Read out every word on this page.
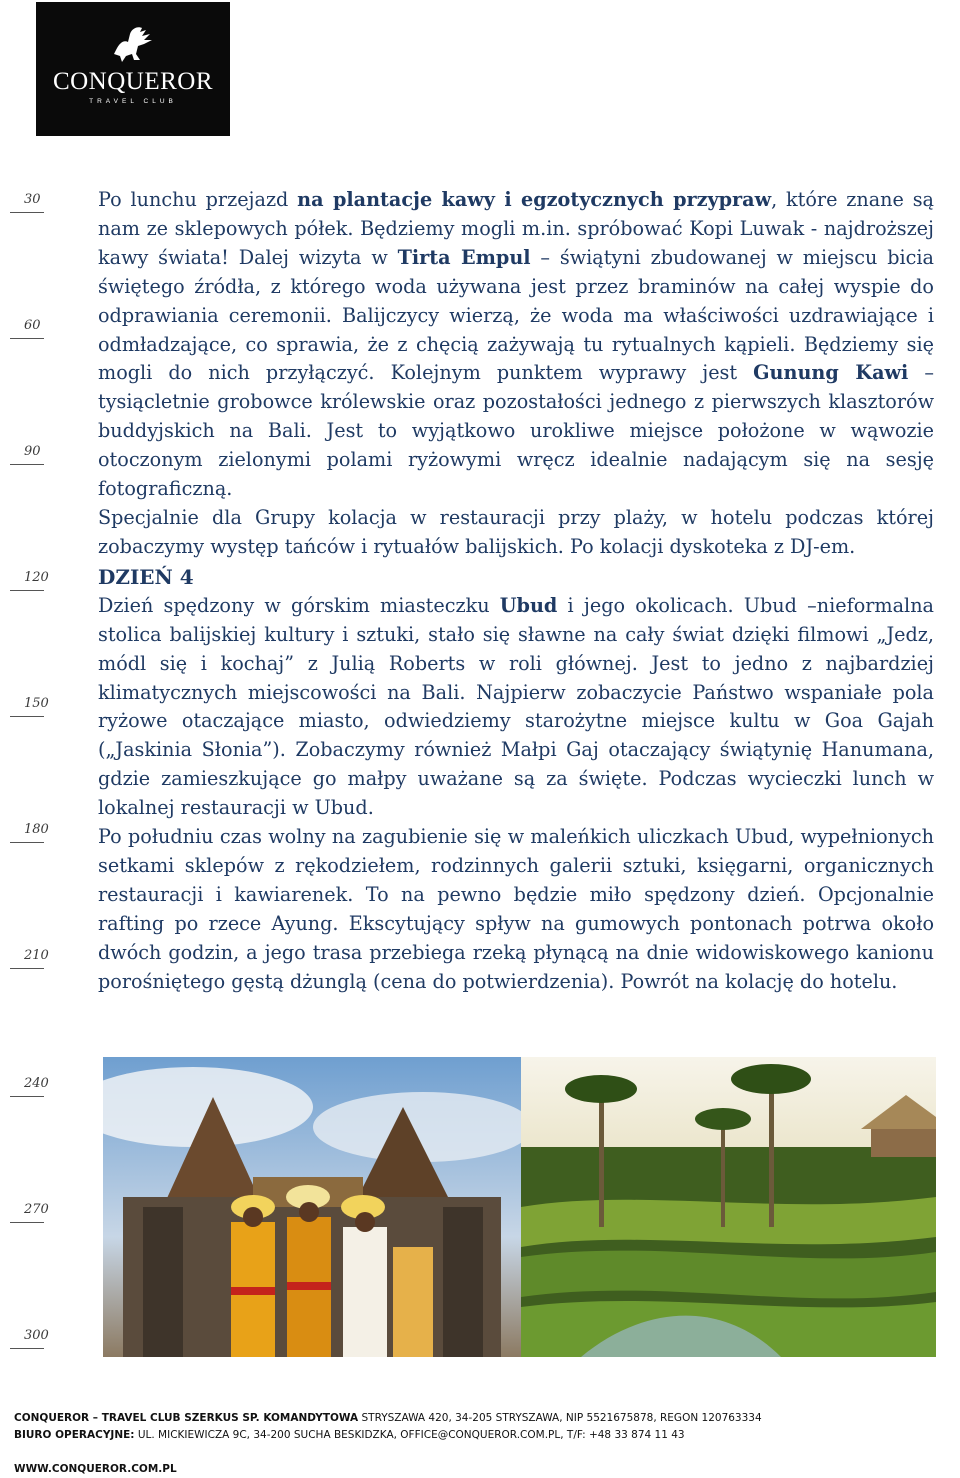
CONQUEROR
TRAVEL CLUB
30
60
90
120
150
180
210
240
270
300

Po lunchu przejazd na plantacje kawy i egzotycznych przypraw, które znane są nam ze sklepowych półek. Będziemy mogli m.in. spróbować Kopi Luwak - najdroższej kawy świata! Dalej wizyta w Tirta Empul – świątyni zbudowanej w miejscu bicia świętego źródła, z którego woda używana jest przez braminów na całej wyspie do odprawiania ceremonii. Balijczycy wierzą, że woda ma właściwości uzdrawiające i odmładzające, co sprawia, że z chęcią zażywają tu rytualnych kąpieli. Będziemy się mogli do nich przyłączyć. Kolejnym punktem wyprawy jest Gunung Kawi – tysiącletnie grobowce królewskie oraz pozostałości jednego z pierwszych klasztorów buddyjskich na Bali. Jest to wyjątkowo urokliwe miejsce położone w wąwozie otoczonym zielonymi polami ryżowymi wręcz idealnie nadającym się na sesję fotograficzną.

Specjalnie dla Grupy kolacja w restauracji przy plaży, w hotelu podczas której zobaczymy występ tańców i rytuałów balijskich. Po kolacji dyskoteka z DJ-em.

DZIEŃ 4

Dzień spędzony w górskim miasteczku Ubud i jego okolicach. Ubud –nieformalna stolica balijskiej kultury i sztuki, stało się sławne na cały świat dzięki filmowi „Jedz, módl się i kochaj” z Julią Roberts w roli głównej. Jest to jedno z najbardziej klimatycznych miejscowości na Bali. Najpierw zobaczycie Państwo wspaniałe pola ryżowe otaczające miasto, odwiedziemy starożytne miejsce kultu w Goa Gajah („Jaskinia Słonia”). Zobaczymy również Małpi Gaj otaczający świątynię Hanumana, gdzie zamieszkujące go małpy uważane są za święte. Podczas wycieczki lunch w lokalnej restauracji w Ubud.

Po południu czas wolny na zagubienie się w maleńkich uliczkach Ubud, wypełnionych setkami sklepów z rękodziełem, rodzinnych galerii sztuki, księgarni, organicznych restauracji i kawiarenek. To na pewno będzie miło spędzony dzień. Opcjonalnie rafting po rzece Ayung. Ekscytujący spływ na gumowych pontonach potrwa około dwóch godzin, a jego trasa przebiega rzeką płynącą na dnie widowiskowego kanionu porośniętego gęstą dżunglą (cena do potwierdzenia). Powrót na kolację do hotelu.

CONQUEROR – TRAVEL CLUB SZERKUS SP. KOMANDYTOWA STRYSZAWA 420, 34-205 STRYSZAWA, NIP 5521675878, REGON 120763334
BIURO OPERACYJNE: UL. MICKIEWICZA 9C, 34-200 SUCHA BESKIDZKA, OFFICE@CONQUEROR.COM.PL, T/F: +48 33 874 11 43
WWW.CONQUEROR.COM.PL
